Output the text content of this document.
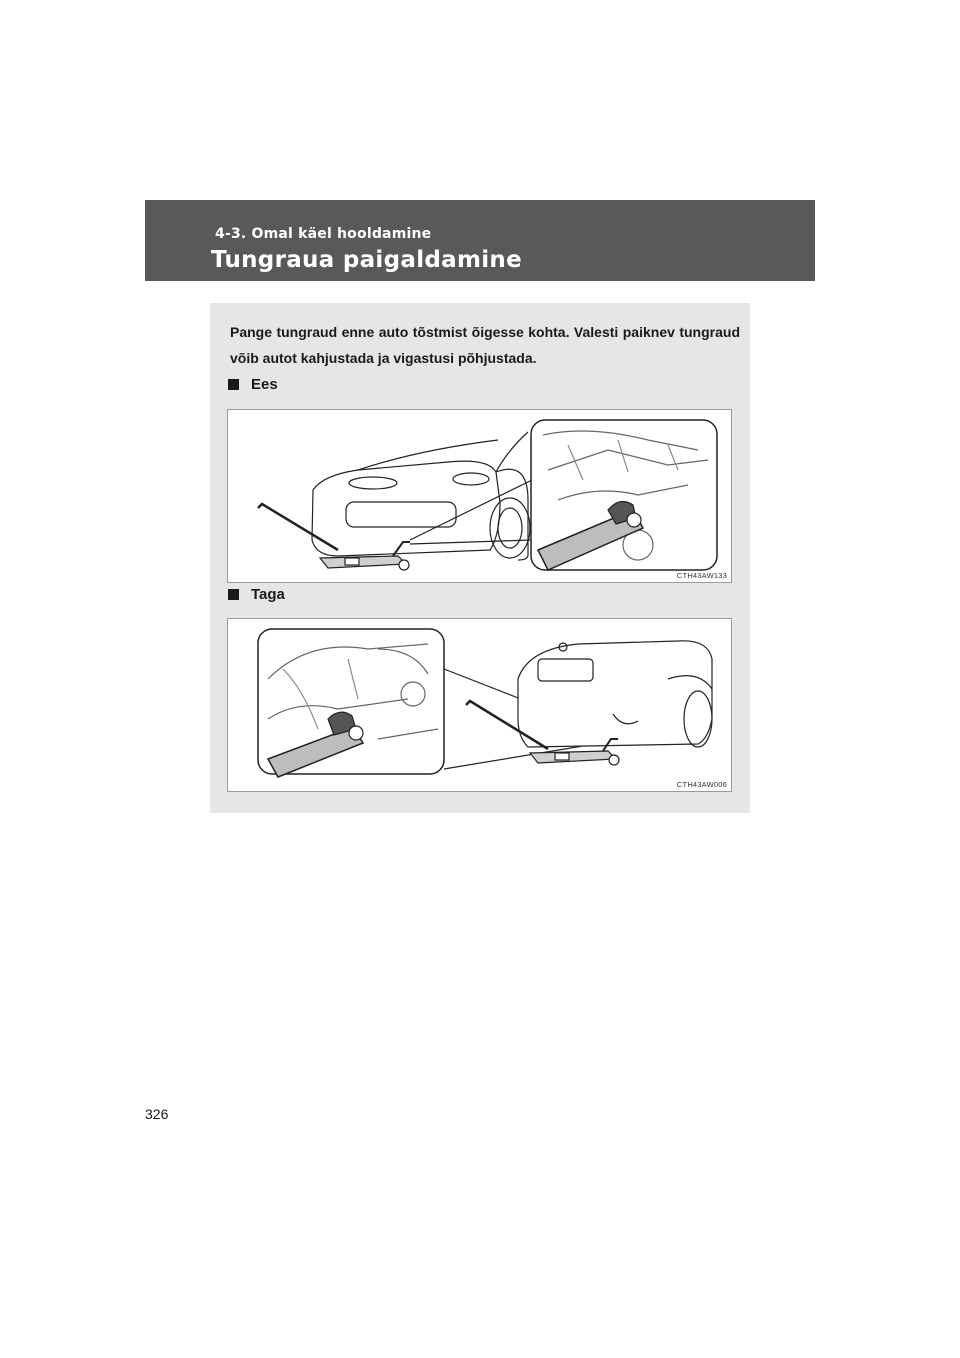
4-3. Omal käel hooldamine
Tungraua paigaldamine
Pange tungraud enne auto tõstmist õigesse kohta. Valesti paiknev tungraud võib autot kahjustada ja vigastusi põhjustada.
Ees
CTH43AW133
Taga
CTH43AW006
326
